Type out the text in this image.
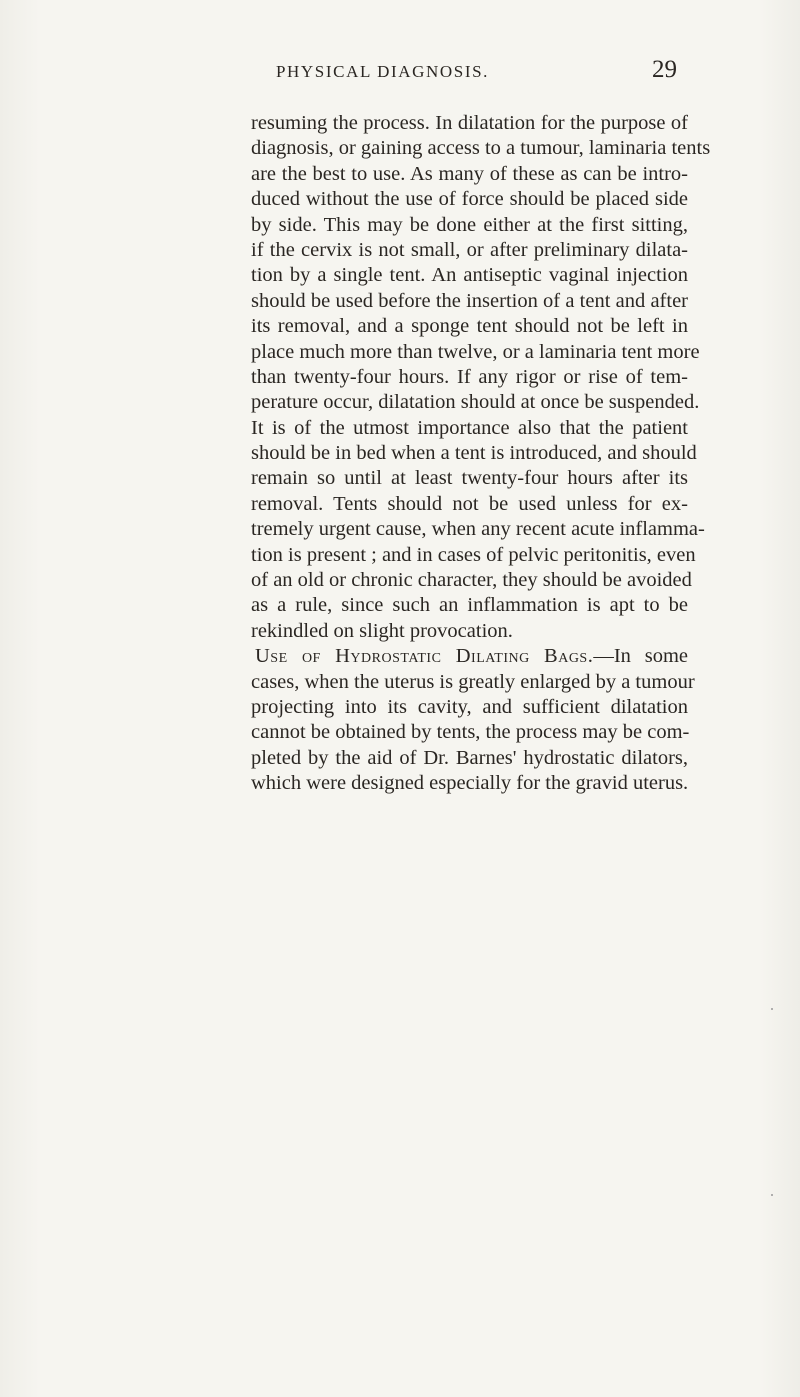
PHYSICAL DIAGNOSIS.	29
resuming the process. In dilatation for the purpose of
diagnosis, or gaining access to a tumour, laminaria tents
are the best to use. As many of these as can be intro-
duced without the use of force should be placed side
by side. This may be done either at the first sitting,
if the cervix is not small, or after preliminary dilata-
tion by a single tent. An antiseptic vaginal injection
should be used before the insertion of a tent and after
its removal, and a sponge tent should not be left in
place much more than twelve, or a laminaria tent more
than twenty-four hours. If any rigor or rise of tem-
perature occur, dilatation should at once be suspended.
It is of the utmost importance also that the patient
should be in bed when a tent is introduced, and should
remain so until at least twenty-four hours after its
removal. Tents should not be used unless for ex-
tremely urgent cause, when any recent acute inflamma-
tion is present ; and in cases of pelvic peritonitis, even
of an old or chronic character, they should be avoided
as a rule, since such an inflammation is apt to be
rekindled on slight provocation.
Use of Hydrostatic Dilating Bags.—In some
cases, when the uterus is greatly enlarged by a tumour
projecting into its cavity, and sufficient dilatation
cannot be obtained by tents, the process may be com-
pleted by the aid of Dr. Barnes' hydrostatic dilators,
which were designed especially for the gravid uterus.
